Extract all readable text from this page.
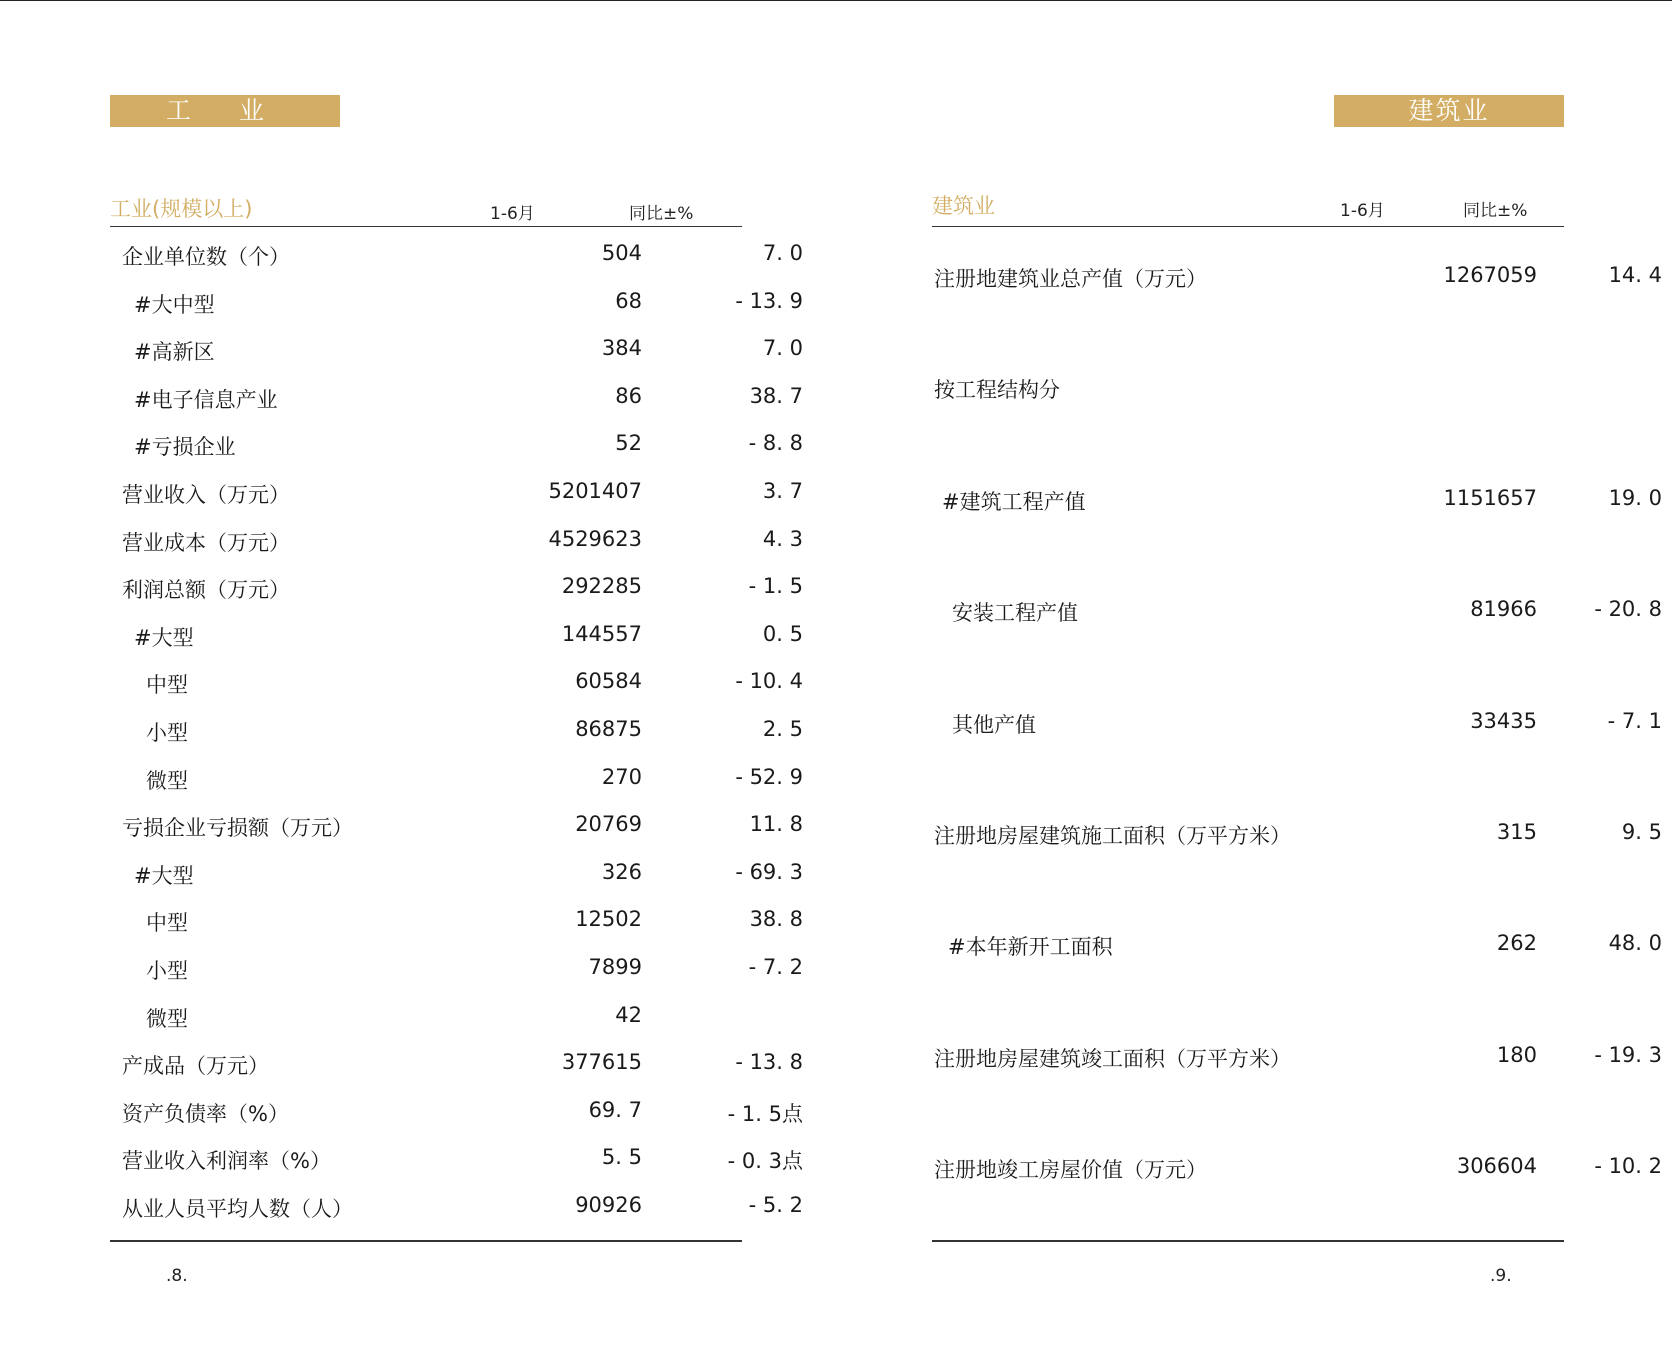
工 业	建筑业
工业(规模以上)	1-6月	同比±%
企业单位数（个）	504	7. 0
#大中型	68	- 13. 9
#高新区	384	7. 0
#电子信息产业	86	38. 7
#亏损企业	52	- 8. 8
营业收入（万元）	5201407	3. 7
营业成本（万元）	4529623	4. 3
利润总额（万元）	292285	- 1. 5
#大型	144557	0. 5
中型	60584	- 10. 4
小型	86875	2. 5
微型	270	- 52. 9
亏损企业亏损额（万元）	20769	11. 8
#大型	326	- 69. 3
中型	12502	38. 8
小型	7899	- 7. 2
微型	42
产成品（万元）	377615	- 13. 8
资产负债率（%）	69. 7	- 1. 5点
营业收入利润率（%）	5. 5	- 0. 3点
从业人员平均人数（人）	90926	- 5. 2
建筑业	1-6月	同比±%
注册地建筑业总产值（万元）	1267059	14. 4
按工程结构分
#建筑工程产值	1151657	19. 0
安装工程产值	81966	- 20. 8
其他产值	33435	- 7. 1
注册地房屋建筑施工面积（万平方米）	315	9. 5
#本年新开工面积	262	48. 0
注册地房屋建筑竣工面积（万平方米）	180	- 19. 3
注册地竣工房屋价值（万元）	306604	- 10. 2
.8.	.9.
